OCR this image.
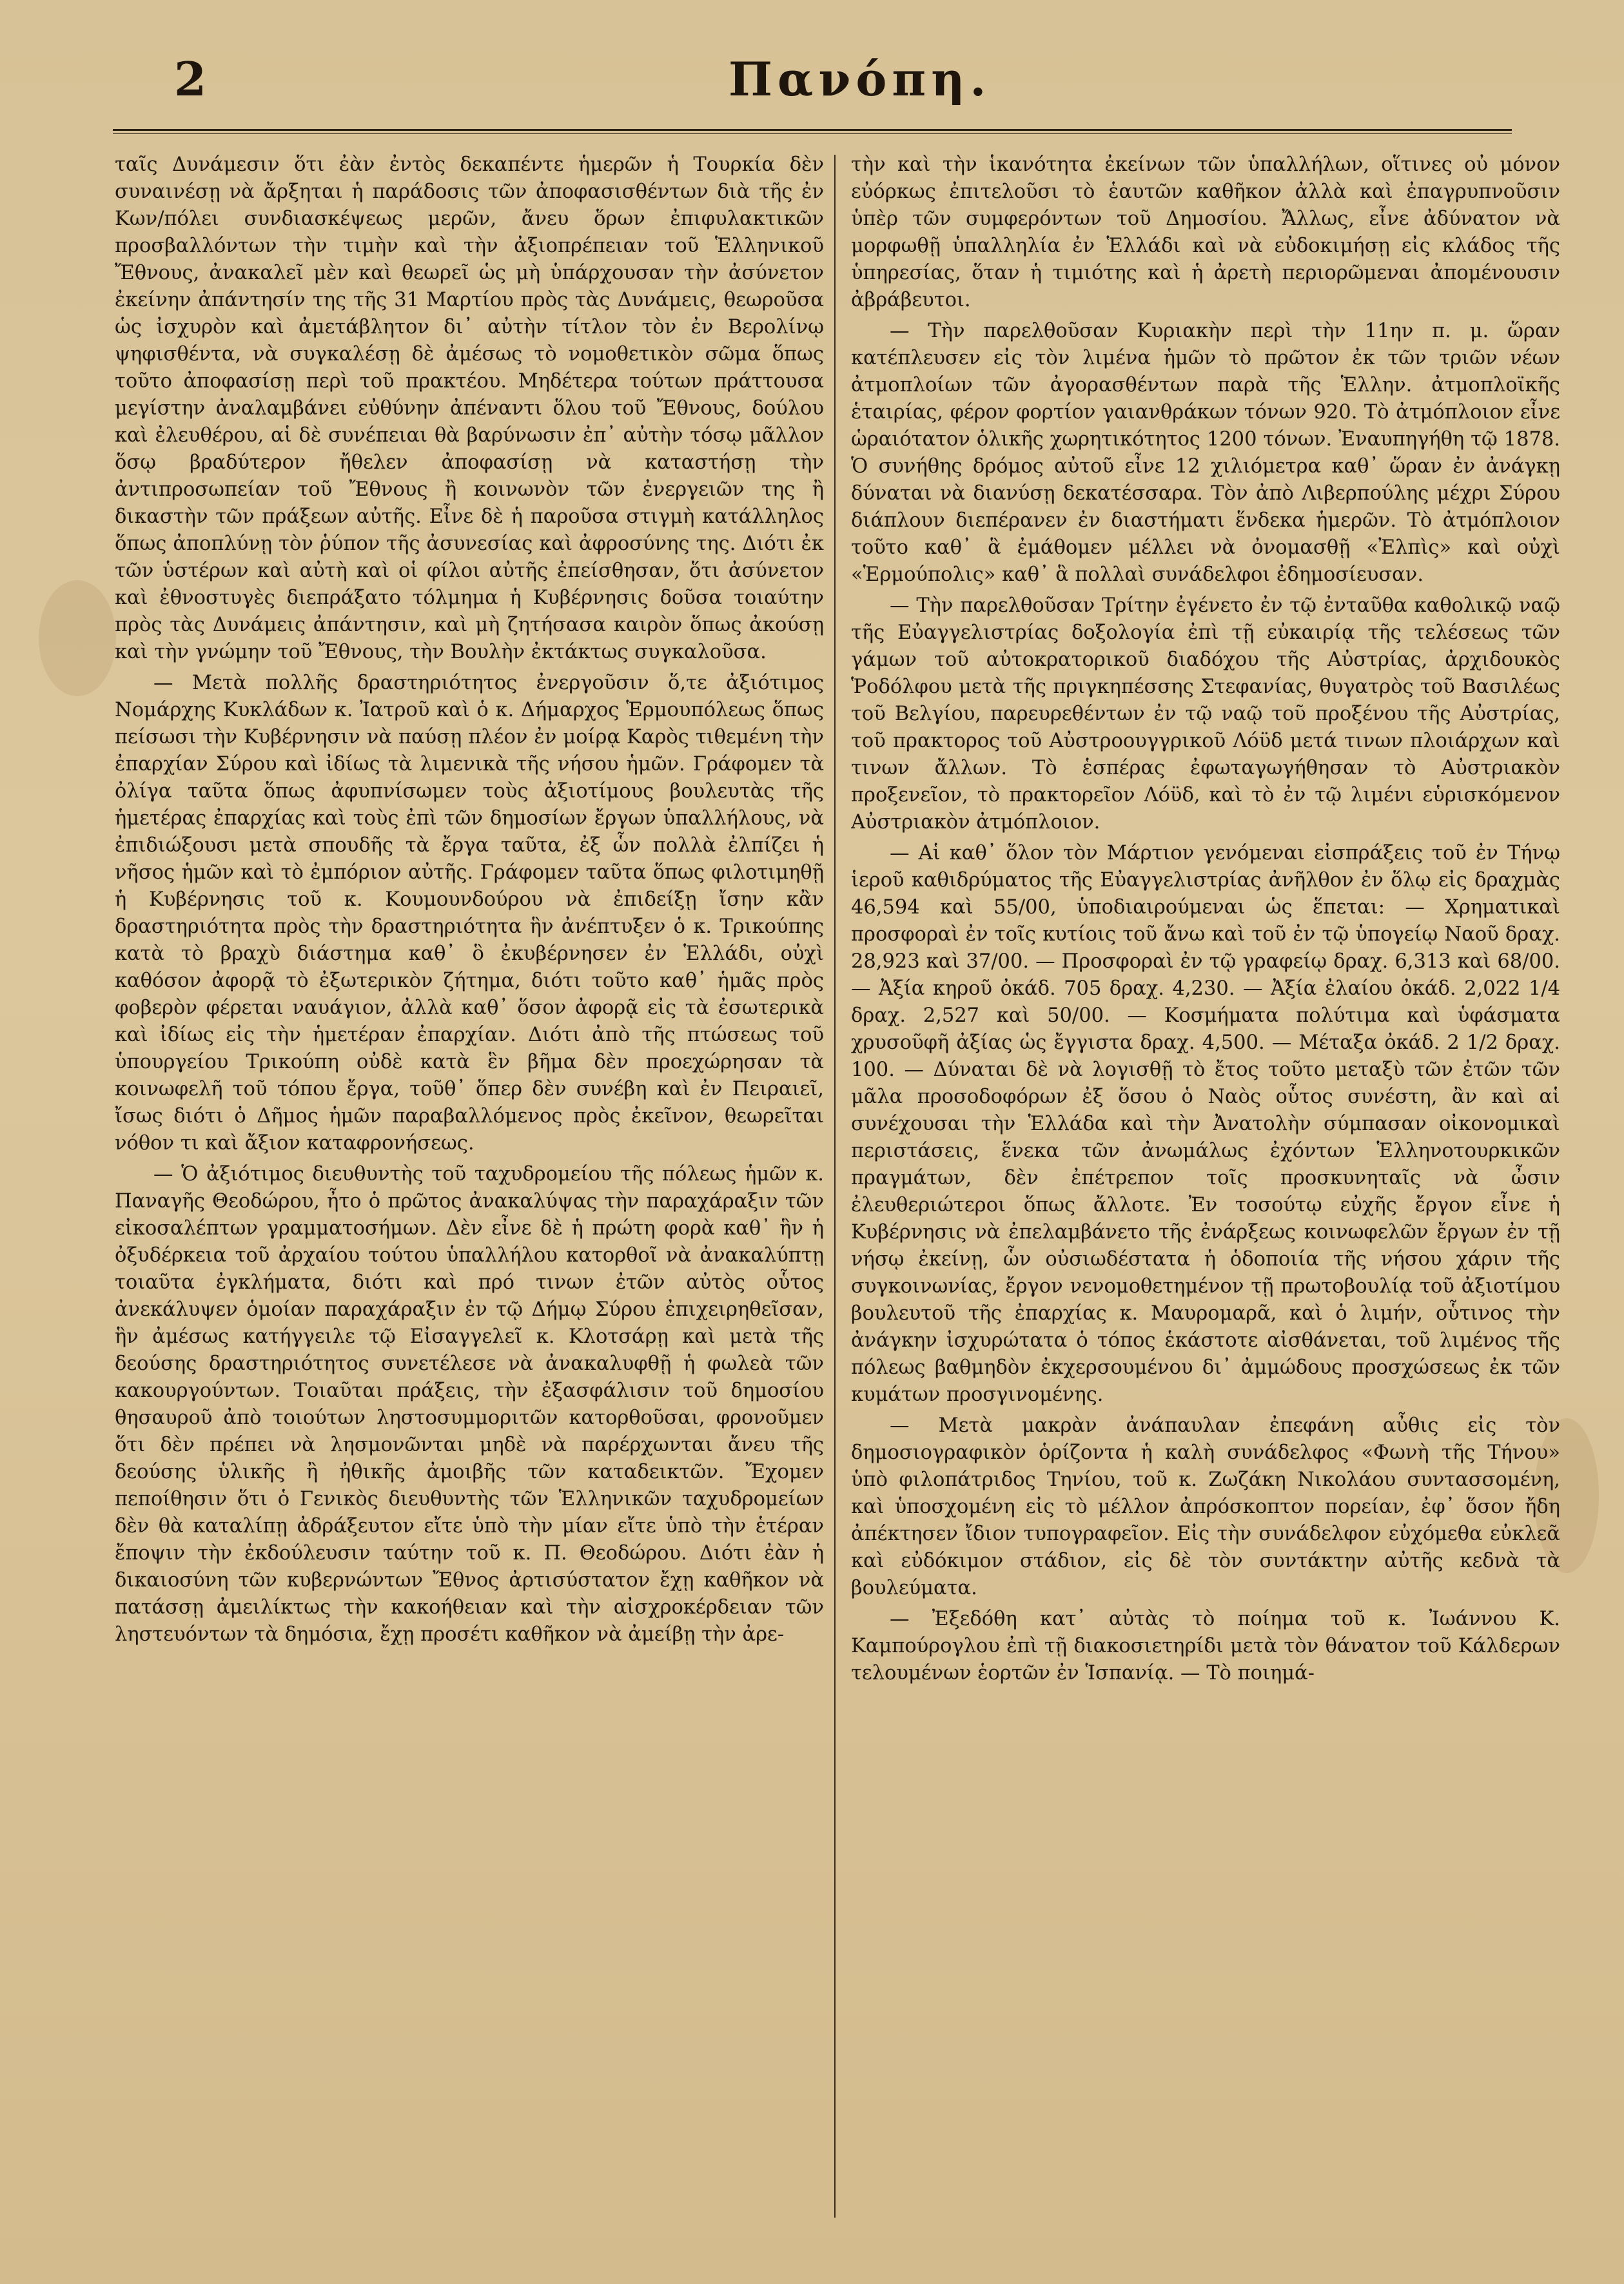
2	Πανόπη.

ταῖς Δυνάμεσιν ὅτι ἐὰν ἐντὸς δεκαπέντε ἡμερῶν ἡ Τουρκία δὲν συναινέσῃ νὰ ἄρξηται ἡ παράδοσις τῶν ἀποφασισθέντων διὰ τῆς ἐν Κων/πόλει συνδιασκέψεως μερῶν, ἄνευ ὅρων ἐπιφυλακτικῶν προσβαλλόντων τὴν τιμὴν καὶ τὴν ἀξιοπρέπειαν τοῦ Ἑλληνικοῦ Ἔθνους, ἀνακαλεῖ μὲν καὶ θεωρεῖ ὡς μὴ ὑπάρχουσαν τὴν ἀσύνετον ἐκείνην ἀπάντησίν της τῆς 31 Μαρτίου πρὸς τὰς Δυνάμεις, θεωροῦσα ὡς ἰσχυρὸν καὶ ἀμετάβλητον δι᾽ αὐτὴν τίτλον τὸν ἐν Βερολίνῳ ψηφισθέντα, νὰ συγκαλέσῃ δὲ ἀμέσως τὸ νομοθετικὸν σῶμα ὅπως τοῦτο ἀποφασίσῃ περὶ τοῦ πρακτέου. Μηδέτερα τούτων πράττουσα μεγίστην ἀναλαμβάνει εὐθύνην ἀπέναντι ὅλου τοῦ Ἔθνους, δούλου καὶ ἐλευθέρου, αἱ δὲ συνέπειαι θὰ βαρύνωσιν ἐπ᾽ αὐτὴν τόσῳ μᾶλλον ὅσῳ βραδύτερον ἤθελεν ἀποφασίσῃ νὰ καταστήσῃ τὴν ἀντιπροσωπείαν τοῦ Ἔθνους ἢ κοινωνὸν τῶν ἐνεργειῶν της ἢ δικαστὴν τῶν πράξεων αὐτῆς. Εἶνε δὲ ἡ παροῦσα στιγμὴ κατάλληλος ὅπως ἀποπλύνῃ τὸν ῥύπον τῆς ἀσυνεσίας καὶ ἀφροσύνης της. Διότι ἐκ τῶν ὑστέρων καὶ αὐτὴ καὶ οἱ φίλοι αὐτῆς ἐπείσθησαν, ὅτι ἀσύνετον καὶ ἐθνοστυγὲς διεπράξατο τόλμημα ἡ Κυβέρνησις δοῦσα τοιαύτην πρὸς τὰς Δυνάμεις ἀπάντησιν, καὶ μὴ ζητήσασα καιρὸν ὅπως ἀκούσῃ καὶ τὴν γνώμην τοῦ Ἔθνους, τὴν Βουλὴν ἐκτάκτως συγκαλοῦσα.

— Μετὰ πολλῆς δραστηριότητος ἐνεργοῦσιν ὅ,τε ἀξιότιμος Νομάρχης Κυκλάδων κ. Ἰατροῦ καὶ ὁ κ. Δήμαρχος Ἑρμουπόλεως ὅπως πείσωσι τὴν Κυβέρνησιν νὰ παύσῃ πλέον ἐν μοίρᾳ Καρὸς τιθεμένη τὴν ἐπαρχίαν Σύρου καὶ ἰδίως τὰ λιμενικὰ τῆς νήσου ἡμῶν. Γράφομεν τὰ ὀλίγα ταῦτα ὅπως ἀφυπνίσωμεν τοὺς ἀξιοτίμους βουλευτὰς τῆς ἡμετέρας ἐπαρχίας καὶ τοὺς ἐπὶ τῶν δημοσίων ἔργων ὑπαλλήλους, νὰ ἐπιδιώξουσι μετὰ σπουδῆς τὰ ἔργα ταῦτα, ἐξ ὧν πολλὰ ἐλπίζει ἡ νῆσος ἡμῶν καὶ τὸ ἐμπόριον αὐτῆς. Γράφομεν ταῦτα ὅπως φιλοτιμηθῇ ἡ Κυβέρνησις τοῦ κ. Κουμουνδούρου νὰ ἐπιδείξῃ ἴσην κἂν δραστηριότητα πρὸς τὴν δραστηριότητα ἣν ἀνέπτυξεν ὁ κ. Τρικούπης κατὰ τὸ βραχὺ διάστημα καθ᾽ ὃ ἐκυβέρνησεν ἐν Ἑλλάδι, οὐχὶ καθόσον ἀφορᾷ τὸ ἐξωτερικὸν ζήτημα, διότι τοῦτο καθ᾽ ἡμᾶς πρὸς φοβερὸν φέρεται ναυάγιον, ἀλλὰ καθ᾽ ὅσον ἀφορᾷ εἰς τὰ ἐσωτερικὰ καὶ ἰδίως εἰς τὴν ἡμετέραν ἐπαρχίαν. Διότι ἀπὸ τῆς πτώσεως τοῦ ὑπουργείου Τρικούπη οὐδὲ κατὰ ἓν βῆμα δὲν προεχώρησαν τὰ κοινωφελῆ τοῦ τόπου ἔργα, τοῦθ᾽ ὅπερ δὲν συνέβη καὶ ἐν Πειραιεῖ, ἴσως διότι ὁ Δῆμος ἡμῶν παραβαλλόμενος πρὸς ἐκεῖνον, θεωρεῖται νόθον τι καὶ ἄξιον καταφρονήσεως.

— Ὁ ἀξιότιμος διευθυντὴς τοῦ ταχυδρομείου τῆς πόλεως ἡμῶν κ. Παναγῆς Θεοδώρου, ἦτο ὁ πρῶτος ἀνακαλύψας τὴν παραχάραξιν τῶν εἰκοσαλέπτων γραμματοσήμων. Δὲν εἶνε δὲ ἡ πρώτη φορὰ καθ᾽ ἣν ἡ ὀξυδέρκεια τοῦ ἀρχαίου τούτου ὑπαλλήλου κατορθοῖ νὰ ἀνακαλύπτῃ τοιαῦτα ἐγκλήματα, διότι καὶ πρό τινων ἐτῶν αὐτὸς οὗτος ἀνεκάλυψεν ὁμοίαν παραχάραξιν ἐν τῷ Δήμῳ Σύρου ἐπιχειρηθεῖσαν, ἣν ἀμέσως κατήγγειλε τῷ Εἰσαγγελεῖ κ. Κλοτσάρῃ καὶ μετὰ τῆς δεούσης δραστηριότητος συνετέλεσε νὰ ἀνακαλυφθῇ ἡ φωλεὰ τῶν κακουργούντων. Τοιαῦται πράξεις, τὴν ἐξασφάλισιν τοῦ δημοσίου θησαυροῦ ἀπὸ τοιούτων ληστοσυμμοριτῶν κατορθοῦσαι, φρονοῦμεν ὅτι δὲν πρέπει νὰ λησμονῶνται μηδὲ νὰ παρέρχωνται ἄνευ τῆς δεούσης ὑλικῆς ἢ ἠθικῆς ἀμοιβῆς τῶν καταδεικτῶν. Ἔχομεν πεποίθησιν ὅτι ὁ Γενικὸς διευθυντὴς τῶν Ἑλληνικῶν ταχυδρομείων δὲν θὰ καταλίπῃ ἀδράξευτον εἴτε ὑπὸ τὴν μίαν εἴτε ὑπὸ τὴν ἑτέραν ἔποψιν τὴν ἐκδούλευσιν ταύτην τοῦ κ. Π. Θεοδώρου. Διότι ἐὰν ἡ δικαιοσύνη τῶν κυβερνώντων Ἔθνος ἀρτισύστατον ἔχῃ καθῆκον νὰ πατάσσῃ ἀμειλίκτως τὴν κακοήθειαν καὶ τὴν αἰσχροκέρδειαν τῶν ληστευόντων τὰ δημόσια, ἔχῃ προσέτι καθῆκον νὰ ἀμείβῃ τὴν ἀρε-

τὴν καὶ τὴν ἱκανότητα ἐκείνων τῶν ὑπαλλήλων, οἵτινες οὐ μόνον εὐόρκως ἐπιτελοῦσι τὸ ἑαυτῶν καθῆκον ἀλλὰ καὶ ἐπαγρυπνοῦσιν ὑπὲρ τῶν συμφερόντων τοῦ Δημοσίου. Ἄλλως, εἶνε ἀδύνατον νὰ μορφωθῇ ὑπαλληλία ἐν Ἑλλάδι καὶ νὰ εὐδοκιμήσῃ εἰς κλάδος τῆς ὑπηρεσίας, ὅταν ἡ τιμιότης καὶ ἡ ἀρετὴ περιορῶμεναι ἀπομένουσιν ἀβράβευτοι.

— Τὴν παρελθοῦσαν Κυριακὴν περὶ τὴν 11ην π. μ. ὥραν κατέπλευσεν εἰς τὸν λιμένα ἡμῶν τὸ πρῶτον ἐκ τῶν τριῶν νέων ἀτμοπλοίων τῶν ἀγορασθέντων παρὰ τῆς Ἑλλην. ἀτμοπλοϊκῆς ἑταιρίας, φέρον φορτίον γαιανθράκων τόνων 920. Τὸ ἀτμόπλοιον εἶνε ὡραιότατον ὁλικῆς χωρητικότητος 1200 τόνων. Ἐναυπηγήθη τῷ 1878. Ὁ συνήθης δρόμος αὐτοῦ εἶνε 12 χιλιόμετρα καθ᾽ ὥραν ἐν ἀνάγκῃ δύναται νὰ διανύσῃ δεκατέσσαρα. Τὸν ἀπὸ Λιβερπούλης μέχρι Σύρου διάπλουν διεπέρανεν ἐν διαστήματι ἕνδεκα ἡμερῶν. Τὸ ἀτμόπλοιον τοῦτο καθ᾽ ἃ ἐμάθομεν μέλλει νὰ ὀνομασθῇ «Ἐλπὶς» καὶ οὐχὶ «Ἑρμούπολις» καθ᾽ ἃ πολλαὶ συνάδελφοι ἐδημοσίευσαν.

— Τὴν παρελθοῦσαν Τρίτην ἐγένετο ἐν τῷ ἐνταῦθα καθολικῷ ναῷ τῆς Εὐαγγελιστρίας δοξολογία ἐπὶ τῇ εὐκαιρίᾳ τῆς τελέσεως τῶν γάμων τοῦ αὐτοκρατορικοῦ διαδόχου τῆς Αὐστρίας, ἀρχιδουκὸς Ῥοδόλφου μετὰ τῆς πριγκηπέσσης Στεφανίας, θυγατρὸς τοῦ Βασιλέως τοῦ Βελγίου, παρευρεθέντων ἐν τῷ ναῷ τοῦ προξένου τῆς Αὐστρίας, τοῦ πρακτορος τοῦ Αὐστροουγγρικοῦ Λόϋδ μετά τινων πλοιάρχων καὶ τινων ἄλλων. Τὸ ἑσπέρας ἐφωταγωγήθησαν τὸ Αὐστριακὸν προξενεῖον, τὸ πρακτορεῖον Λόϋδ, καὶ τὸ ἐν τῷ λιμένι εὑρισκόμενον Αὐστριακὸν ἀτμόπλοιον.

— Αἱ καθ᾽ ὅλον τὸν Μάρτιον γενόμεναι εἰσπράξεις τοῦ ἐν Τήνῳ ἱεροῦ καθιδρύματος τῆς Εὐαγγελιστρίας ἀνῆλθον ἐν ὅλῳ εἰς δραχμὰς 46,594 καὶ 55/00, ὑποδιαιρούμεναι ὡς ἕπεται: — Χρηματικαὶ προσφοραὶ ἐν τοῖς κυτίοις τοῦ ἄνω καὶ τοῦ ἐν τῷ ὑπογείῳ Ναοῦ δραχ. 28,923 καὶ 37/00. — Προσφοραὶ ἐν τῷ γραφείῳ δραχ. 6,313 καὶ 68/00. — Ἀξία κηροῦ ὀκάδ. 705 δραχ. 4,230. — Ἀξία ἐλαίου ὀκάδ. 2,022 1/4 δραχ. 2,527 καὶ 50/00. — Κοσμήματα πολύτιμα καὶ ὑφάσματα χρυσοῦφῆ ἀξίας ὡς ἔγγιστα δραχ. 4,500. — Μέταξα ὀκάδ. 2 1/2 δραχ. 100. — Δύναται δὲ νὰ λογισθῇ τὸ ἔτος τοῦτο μεταξὺ τῶν ἐτῶν τῶν μᾶλα προσοδοφόρων ἐξ ὅσου ὁ Ναὸς οὗτος συνέστη, ἂν καὶ αἱ συνέχουσαι τὴν Ἑλλάδα καὶ τὴν Ἀνατολὴν σύμπασαν οἰκονομικαὶ περιστάσεις, ἕνεκα τῶν ἀνωμάλως ἐχόντων Ἑλληνοτουρκικῶν πραγμάτων, δὲν ἐπέτρεπον τοῖς προσκυνηταῖς νὰ ὦσιν ἐλευθεριώτεροι ὅπως ἄλλοτε. Ἐν τοσούτῳ εὐχῆς ἔργον εἶνε ἡ Κυβέρνησις νὰ ἐπελαμβάνετο τῆς ἐνάρξεως κοινωφελῶν ἔργων ἐν τῇ νήσῳ ἐκείνῃ, ὧν οὐσιωδέστατα ἡ ὁδοποιία τῆς νήσου χάριν τῆς συγκοινωνίας, ἔργον νενομοθετημένον τῇ πρωτοβουλίᾳ τοῦ ἀξιοτίμου βουλευτοῦ τῆς ἐπαρχίας κ. Μαυρομαρᾶ, καὶ ὁ λιμήν, οὗτινος τὴν ἀνάγκην ἰσχυρώτατα ὁ τόπος ἑκάστοτε αἰσθάνεται, τοῦ λιμένος τῆς πόλεως βαθμηδὸν ἐκχερσουμένου δι᾽ ἀμμώδους προσχώσεως ἐκ τῶν κυμάτων προσγινομένης.

— Μετὰ μακρὰν ἀνάπαυλαν ἐπεφάνη αὖθις εἰς τὸν δημοσιογραφικὸν ὁρίζοντα ἡ καλὴ συνάδελφος «Φωνὴ τῆς Τήνου» ὑπὸ φιλοπάτριδος Τηνίου, τοῦ κ. Ζωζάκη Νικολάου συντασσομένη, καὶ ὑποσχομένη εἰς τὸ μέλλον ἀπρόσκοπτον πορείαν, ἐφ᾽ ὅσον ἤδη ἀπέκτησεν ἴδιον τυπογραφεῖον. Εἰς τὴν συνάδελφον εὐχόμεθα εὐκλεᾶ καὶ εὐδόκιμον στάδιον, εἰς δὲ τὸν συντάκτην αὐτῆς κεδνὰ τὰ βουλεύματα.

— Ἐξεδόθη κατ᾽ αὐτὰς τὸ ποίημα τοῦ κ. Ἰωάννου Κ. Καμπούρογλου ἐπὶ τῇ διακοσιετηρίδι μετὰ τὸν θάνατον τοῦ Κάλδερων τελουμένων ἑορτῶν ἐν Ἱσπανίᾳ. — Τὸ ποιημά-
